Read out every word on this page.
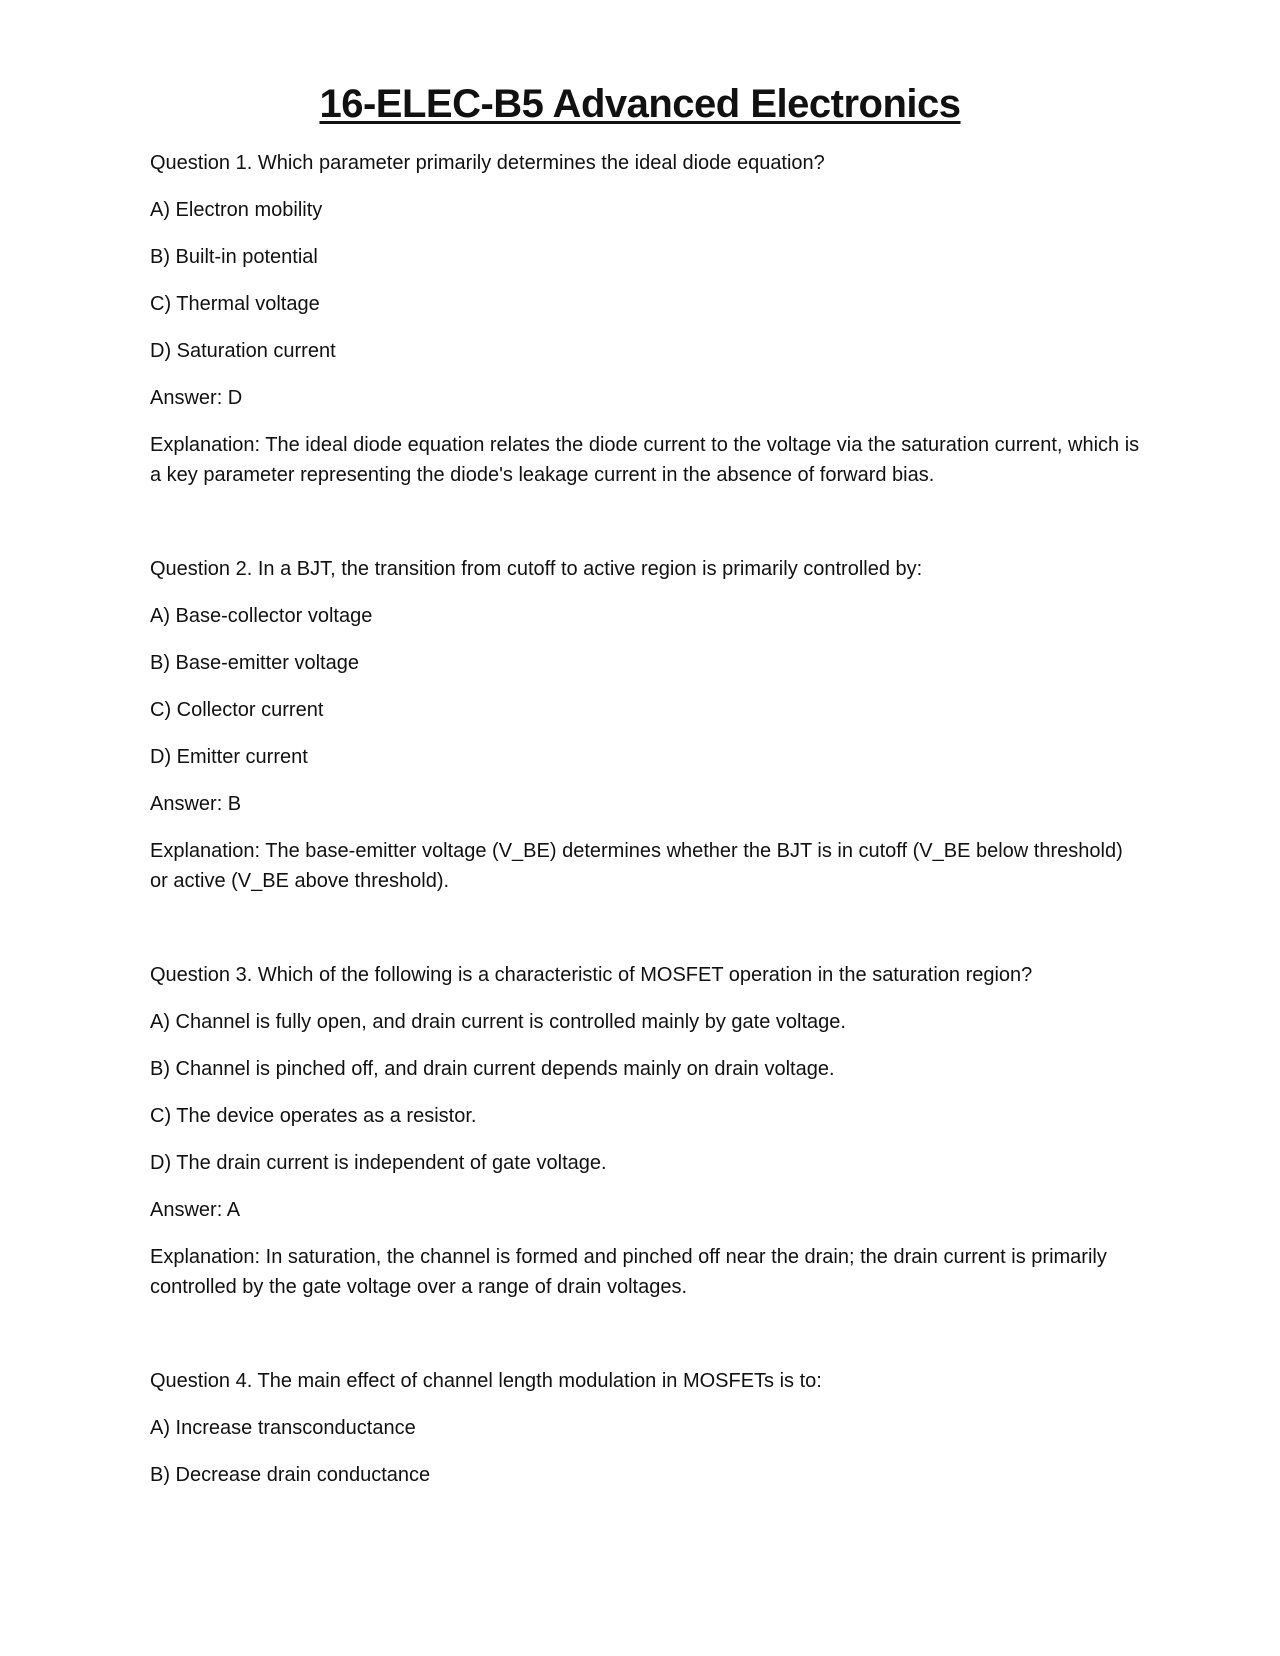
16-ELEC-B5 Advanced Electronics

Question 1. Which parameter primarily determines the ideal diode equation?

A) Electron mobility

B) Built-in potential

C) Thermal voltage

D) Saturation current

Answer: D

Explanation: The ideal diode equation relates the diode current to the voltage via the saturation current, which is a key parameter representing the diode's leakage current in the absence of forward bias.

Question 2. In a BJT, the transition from cutoff to active region is primarily controlled by:

A) Base-collector voltage

B) Base-emitter voltage

C) Collector current

D) Emitter current

Answer: B

Explanation: The base-emitter voltage (V_BE) determines whether the BJT is in cutoff (V_BE below threshold) or active (V_BE above threshold).

Question 3. Which of the following is a characteristic of MOSFET operation in the saturation region?

A) Channel is fully open, and drain current is controlled mainly by gate voltage.

B) Channel is pinched off, and drain current depends mainly on drain voltage.

C) The device operates as a resistor.

D) The drain current is independent of gate voltage.

Answer: A

Explanation: In saturation, the channel is formed and pinched off near the drain; the drain current is primarily controlled by the gate voltage over a range of drain voltages.

Question 4. The main effect of channel length modulation in MOSFETs is to:

A) Increase transconductance

B) Decrease drain conductance
